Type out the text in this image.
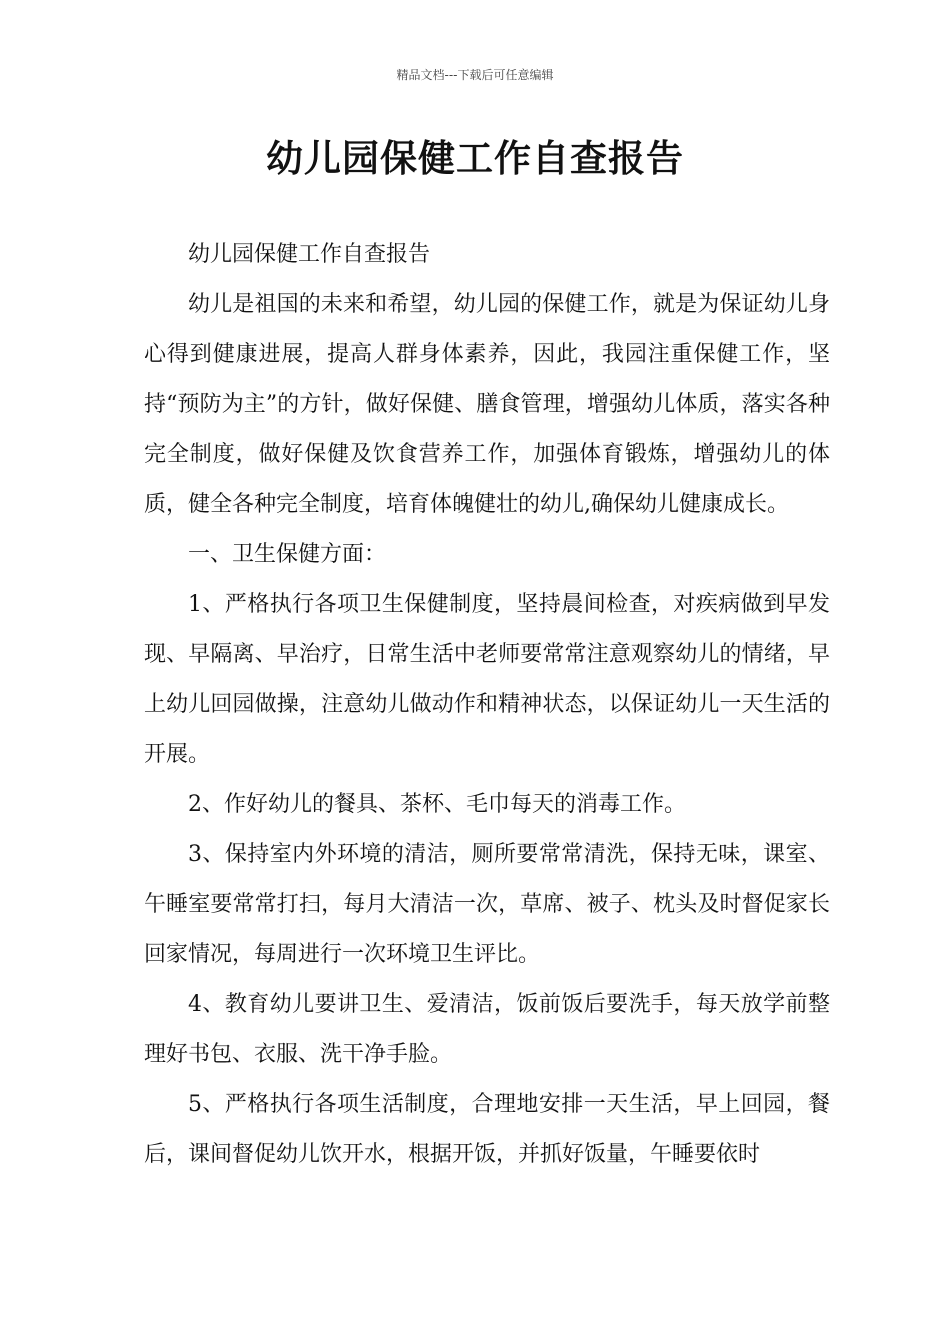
精品文档---下载后可任意编辑
幼儿园保健工作自查报告

幼儿园保健工作自查报告

幼儿是祖国的未来和希望，幼儿园的保健工作，就是为保证幼儿身心得到健康进展，提高人群身体素养，因此，我园注重保健工作，坚持“预防为主”的方针，做好保健、膳食管理，增强幼儿体质，落实各种完全制度，做好保健及饮食营养工作，加强体育锻炼，增强幼儿的体质，健全各种完全制度，培育体魄健壮的幼儿,确保幼儿健康成长。

一、卫生保健方面：

1、严格执行各项卫生保健制度，坚持晨间检查，对疾病做到早发现、早隔离、早治疗，日常生活中老师要常常注意观察幼儿的情绪，早上幼儿回园做操，注意幼儿做动作和精神状态，以保证幼儿一天生活的开展。

2、作好幼儿的餐具、茶杯、毛巾每天的消毒工作。

3、保持室内外环境的清洁，厕所要常常清洗，保持无味，课室、午睡室要常常打扫，每月大清洁一次，草席、被子、枕头及时督促家长回家情况，每周进行一次环境卫生评比。

4、教育幼儿要讲卫生、爱清洁，饭前饭后要洗手，每天放学前整理好书包、衣服、洗干净手脸。

5、严格执行各项生活制度，合理地安排一天生活，早上回园，餐后，课间督促幼儿饮开水，根据开饭，并抓好饭量，午睡要依时
